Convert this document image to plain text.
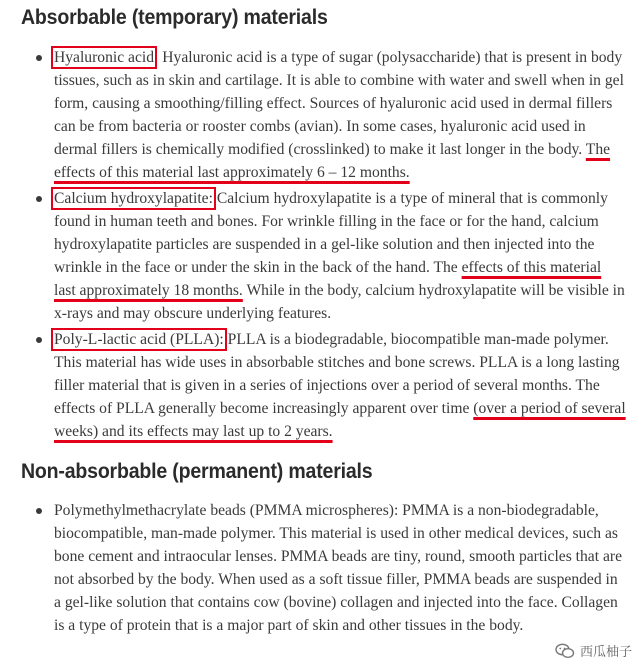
Absorbable (temporary) materials
Hyaluronic acid: Hyaluronic acid is a type of sugar (polysaccharide) that is present in body tissues, such as in skin and cartilage. It is able to combine with water and swell when in gel form, causing a smoothing/filling effect. Sources of hyaluronic acid used in dermal fillers can be from bacteria or rooster combs (avian). In some cases, hyaluronic acid used in dermal fillers is chemically modified (crosslinked) to make it last longer in the body. The effects of this material last approximately 6 – 12 months.
Calcium hydroxylapatite: Calcium hydroxylapatite is a type of mineral that is commonly found in human teeth and bones. For wrinkle filling in the face or for the hand, calcium hydroxylapatite particles are suspended in a gel-like solution and then injected into the wrinkle in the face or under the skin in the back of the hand. The effects of this material last approximately 18 months. While in the body, calcium hydroxylapatite will be visible in x-rays and may obscure underlying features.
Poly-L-lactic acid (PLLA): PLLA is a biodegradable, biocompatible man-made polymer. This material has wide uses in absorbable stitches and bone screws. PLLA is a long lasting filler material that is given in a series of injections over a period of several months. The effects of PLLA generally become increasingly apparent over time (over a period of several weeks) and its effects may last up to 2 years.
Non-absorbable (permanent) materials
Polymethylmethacrylate beads (PMMA microspheres): PMMA is a non-biodegradable, biocompatible, man-made polymer. This material is used in other medical devices, such as bone cement and intraocular lenses. PMMA beads are tiny, round, smooth particles that are not absorbed by the body. When used as a soft tissue filler, PMMA beads are suspended in a gel-like solution that contains cow (bovine) collagen and injected into the face. Collagen is a type of protein that is a major part of skin and other tissues in the body.
西瓜柚子
